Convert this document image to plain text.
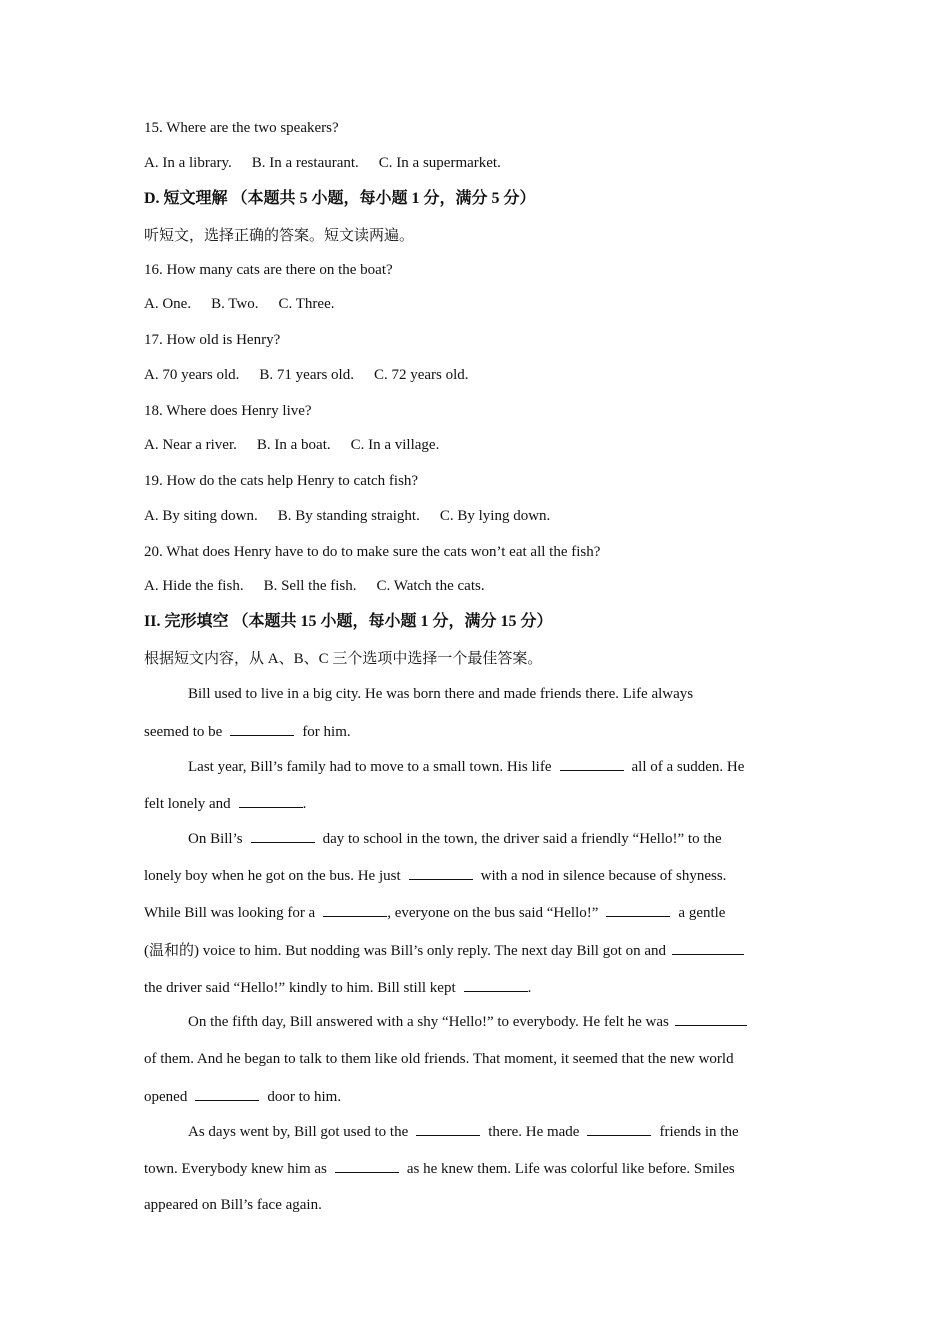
15. Where are the two speakers?
A. In a library. B. In a restaurant. C. In a supermarket.
D. 短文理解 （本题共 5 小题，每小题 1 分，满分 5 分）
听短文，选择正确的答案。短文读两遍。
16. How many cats are there on the boat?
A. One. B. Two. C. Three.
17. How old is Henry?
A. 70 years old. B. 71 years old. C. 72 years old.
18. Where does Henry live?
A. Near a river. B. In a boat. C. In a village.
19. How do the cats help Henry to catch fish?
A. By siting down. B. By standing straight. C. By lying down.
20. What does Henry have to do to make sure the cats won’t eat all the fish?
A. Hide the fish. B. Sell the fish. C. Watch the cats.
II. 完形填空 （本题共 15 小题，每小题 1 分，满分 15 分）
根据短文内容，从 A、B、C 三个选项中选择一个最佳答案。
Bill used to live in a big city. He was born there and made friends there. Life always
seemed to be	for him.
Last year, Bill’s family had to move to a small town. His life	all of a sudden. He
felt lonely and	.
On Bill’s	day to school in the town, the driver said a friendly “Hello!” to the
lonely boy when he got on the bus. He just	with a nod in silence because of shyness.
While Bill was looking for a	, everyone on the bus said “Hello!”	a gentle
(温和的) voice to him. But nodding was Bill’s only reply. The next day Bill got on and
the driver said “Hello!” kindly to him. Bill still kept	.
On the fifth day, Bill answered with a shy “Hello!” to everybody. He felt he was
of them. And he began to talk to them like old friends. That moment, it seemed that the new world
opened	door to him.
As days went by, Bill got used to the	there. He made	friends in the
town. Everybody knew him as	as he knew them. Life was colorful like before. Smiles
appeared on Bill’s face again.
